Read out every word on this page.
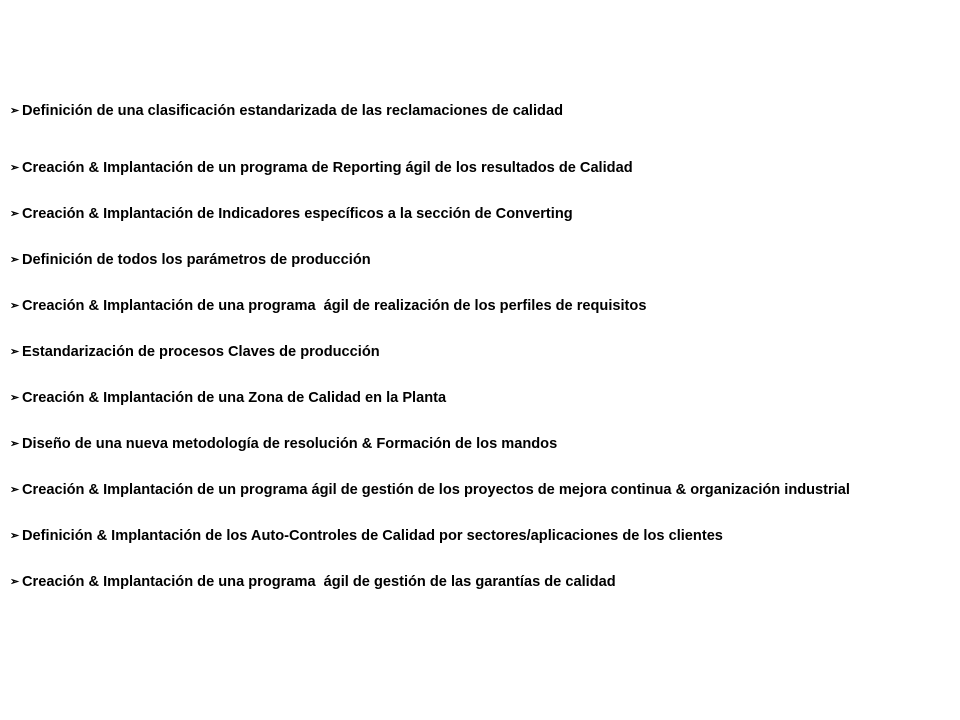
➢ Definición de una clasificación estandarizada de las reclamaciones de calidad
➢ Creación & Implantación de un programa de Reporting ágil de los resultados de Calidad
➢ Creación & Implantación de Indicadores específicos a la sección de Converting
➢ Definición de todos los parámetros de producción
➢ Creación & Implantación de una programa  ágil de realización de los perfiles de requisitos
➢ Estandarización de procesos Claves de producción
➢ Creación & Implantación de una Zona de Calidad en la Planta
➢ Diseño de una nueva metodología de resolución & Formación de los mandos
➢ Creación & Implantación de un programa ágil de gestión de los proyectos de mejora continua & organización industrial
➢ Definición & Implantación de los Auto-Controles de Calidad por sectores/aplicaciones de los clientes
➢ Creación & Implantación de una programa  ágil de gestión de las garantías de calidad
